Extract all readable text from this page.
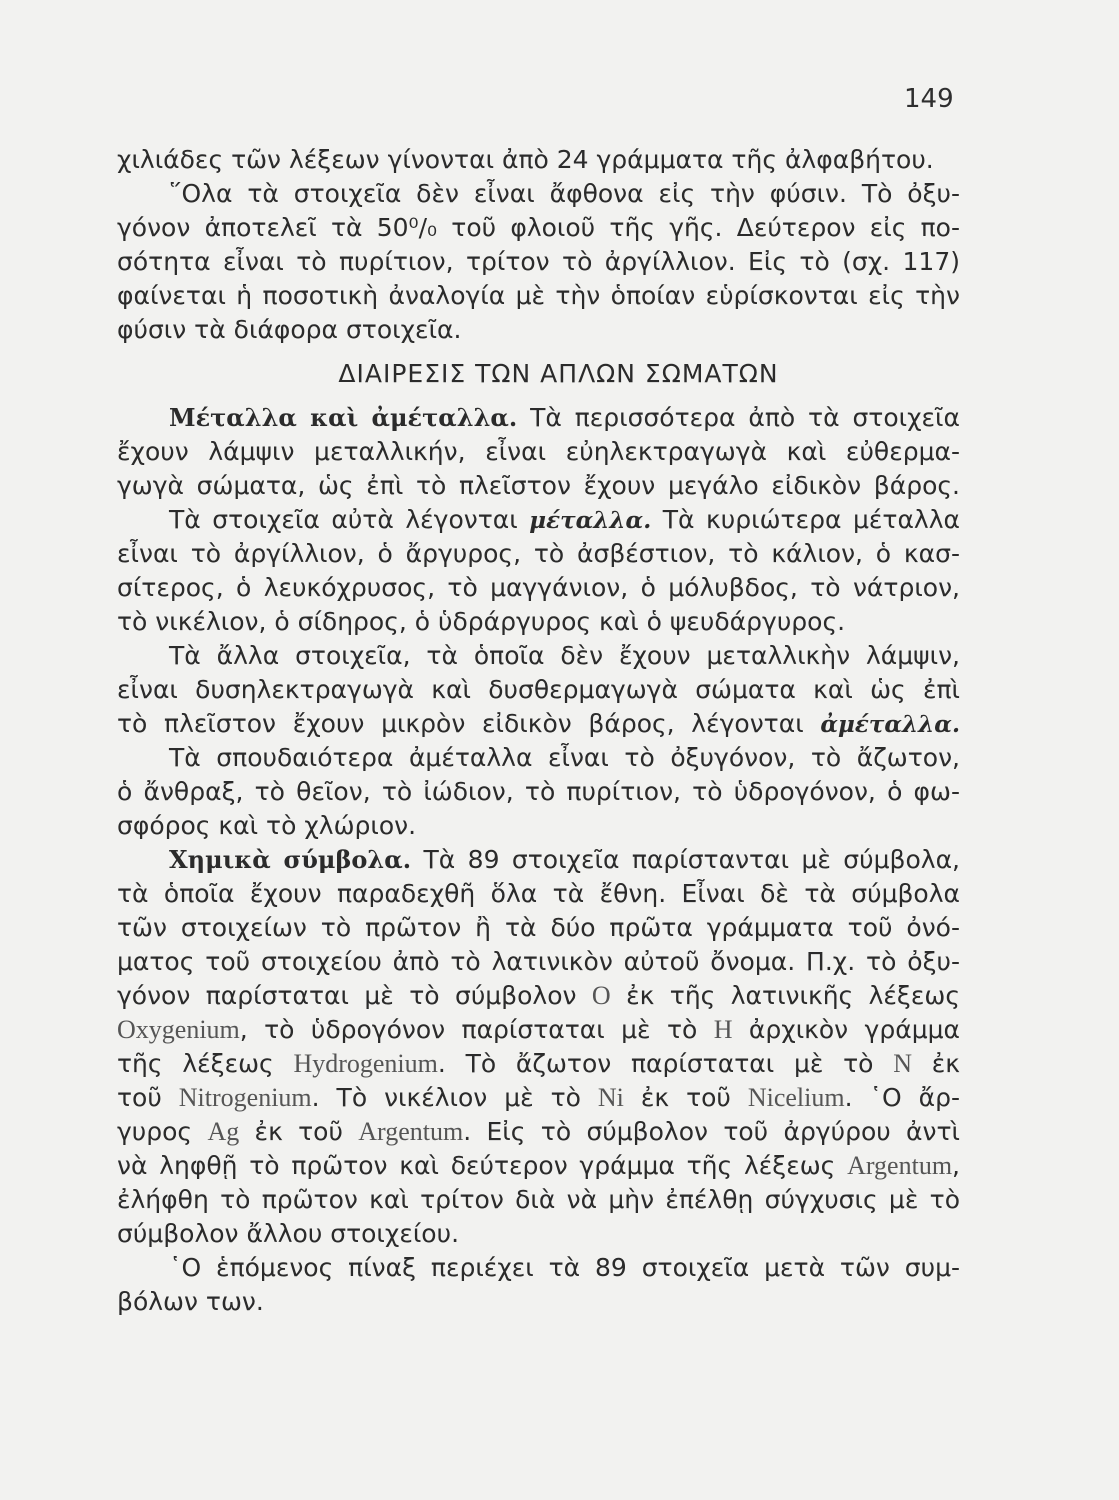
149
χιλιάδες τῶν λέξεων γίνονται ἀπὸ 24 γράμματα τῆς ἀλφαβήτου.
῞Ολα τὰ στοιχεῖα δὲν εἶναι ἄφθονα εἰς τὴν φύσιν. Τὸ ὀξυ-
γόνον ἀποτελεῖ τὰ 50⁰/₀ τοῦ φλοιοῦ τῆς γῆς. Δεύτερον εἰς πο-
σότητα εἶναι τὸ πυρίτιον, τρίτον τὸ ἀργίλλιον. Εἰς τὸ (σχ. 117)
φαίνεται ἡ ποσοτικὴ ἀναλογία μὲ τὴν ὁποίαν εὑρίσκονται εἰς τὴν
φύσιν τὰ διάφορα στοιχεῖα.
ΔΙΑΙΡΕΣΙΣ ΤΩΝ ΑΠΛΩΝ ΣΩΜΑΤΩΝ
Μέταλλα καὶ ἀμέταλλα. Τὰ περισσότερα ἀπὸ τὰ στοιχεῖα
ἔχουν λάμψιν μεταλλικήν, εἶναι εὐηλεκτραγωγὰ καὶ εὐθερμα-
γωγὰ σώματα, ὡς ἐπὶ τὸ πλεῖστον ἔχουν μεγάλο εἰδικὸν βάρος.
Τὰ στοιχεῖα αὐτὰ λέγονται μέταλλα. Τὰ κυριώτερα μέταλλα
εἶναι τὸ ἀργίλλιον, ὁ ἄργυρος, τὸ ἀσβέστιον, τὸ κάλιον, ὁ κασ-
σίτερος, ὁ λευκόχρυσος, τὸ μαγγάνιον, ὁ μόλυβδος, τὸ νάτριον,
τὸ νικέλιον, ὁ σίδηρος, ὁ ὑδράργυρος καὶ ὁ ψευδάργυρος.
Τὰ ἄλλα στοιχεῖα, τὰ ὁποῖα δὲν ἔχουν μεταλλικὴν λάμψιν,
εἶναι δυσηλεκτραγωγὰ καὶ δυσθερμαγωγὰ σώματα καὶ ὡς ἐπὶ
τὸ πλεῖστον ἔχουν μικρὸν εἰδικὸν βάρος, λέγονται ἀμέταλλα.
Τὰ σπουδαιότερα ἀμέταλλα εἶναι τὸ ὀξυγόνον, τὸ ἄζωτον,
ὁ ἄνθραξ, τὸ θεῖον, τὸ ἰώδιον, τὸ πυρίτιον, τὸ ὑδρογόνον, ὁ φω-
σφόρος καὶ τὸ χλώριον.
Χημικὰ σύμβολα. Τὰ 89 στοιχεῖα παρίστανται μὲ σύμβολα,
τὰ ὁποῖα ἔχουν παραδεχθῆ ὅλα τὰ ἔθνη. Εἶναι δὲ τὰ σύμβολα
τῶν στοιχείων τὸ πρῶτον ἢ τὰ δύο πρῶτα γράμματα τοῦ ὀνό-
ματος τοῦ στοιχείου ἀπὸ τὸ λατινικὸν αὐτοῦ ὄνομα. Π.χ. τὸ ὀξυ-
γόνον παρίσταται μὲ τὸ σύμβολον O ἐκ τῆς λατινικῆς λέξεως
Oxygenium, τὸ ὑδρογόνον παρίσταται μὲ τὸ H ἀρχικὸν γράμμα
τῆς λέξεως Hydrogenium. Τὸ ἄζωτον παρίσταται μὲ τὸ N ἐκ
τοῦ Nitrogenium. Τὸ νικέλιον μὲ τὸ Ni ἐκ τοῦ Nicelium. ῾Ο ἄρ-
γυρος Ag ἐκ τοῦ Argentum. Εἰς τὸ σύμβολον τοῦ ἀργύρου ἀντὶ
νὰ ληφθῇ τὸ πρῶτον καὶ δεύτερον γράμμα τῆς λέξεως Argentum,
ἐλήφθη τὸ πρῶτον καὶ τρίτον διὰ νὰ μὴν ἐπέλθῃ σύγχυσις μὲ τὸ
σύμβολον ἄλλου στοιχείου.
῾Ο ἑπόμενος πίναξ περιέχει τὰ 89 στοιχεῖα μετὰ τῶν συμ-
βόλων των.
